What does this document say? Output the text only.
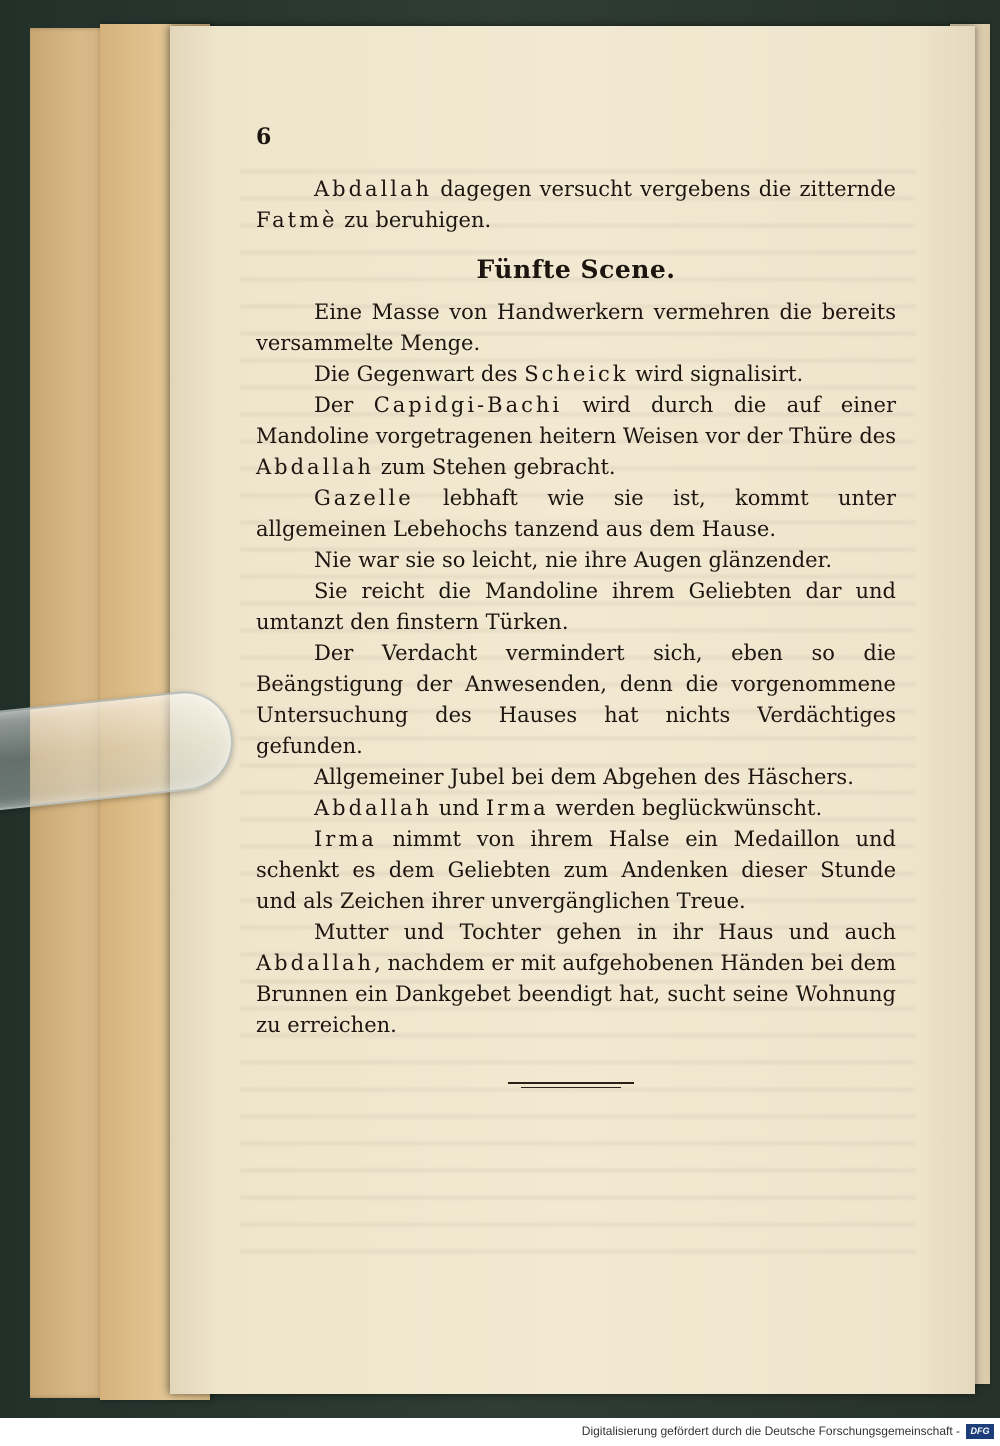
6

Abdallah dagegen versucht vergebens die zitternde Fatmè zu beruhigen.

Fünfte Scene.

Eine Masse von Handwerkern vermehren die bereits versammelte Menge.

Die Gegenwart des Scheick wird signalisirt.

Der Capidgi-Bachi wird durch die auf einer Mandoline vorgetragenen heitern Weisen vor der Thüre des Abdallah zum Stehen gebracht.

Gazelle lebhaft wie sie ist, kommt unter allgemeinen Lebehochs tanzend aus dem Hause.

Nie war sie so leicht, nie ihre Augen glänzender.

Sie reicht die Mandoline ihrem Geliebten dar und umtanzt den finstern Türken.

Der Verdacht vermindert sich, eben so die Beängstigung der Anwesenden, denn die vorgenommene Untersuchung des Hauses hat nichts Verdächtiges gefunden.

Allgemeiner Jubel bei dem Abgehen des Häschers.

Abdallah und Irma werden beglückwünscht.

Irma nimmt von ihrem Halse ein Medaillon und schenkt es dem Geliebten zum Andenken dieser Stunde und als Zeichen ihrer unvergänglichen Treue.

Mutter und Tochter gehen in ihr Haus und auch Abdallah, nachdem er mit aufgehobenen Händen bei dem Brunnen ein Dankgebet beendigt hat, sucht seine Wohnung zu erreichen.

Digitalisierung gefördert durch die Deutsche Forschungsgemeinschaft -	DFG
